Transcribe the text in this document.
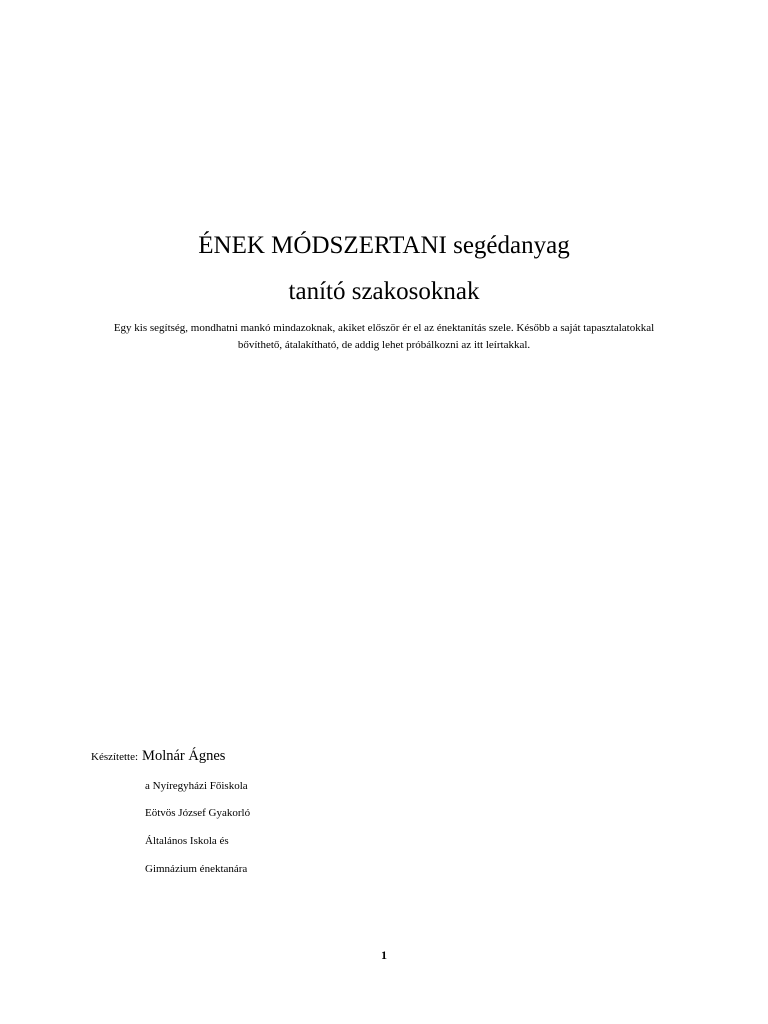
ÉNEK MÓDSZERTANI segédanyag
tanító szakosoknak
Egy kis segítség, mondhatni mankó mindazoknak, akiket először ér el az énektanítás szele. Később a saját tapasztalatokkal
bővíthető, átalakítható, de addig lehet próbálkozni az itt leírtakkal.
Készítette: Molnár Ágnes
a Nyíregyházi Főiskola
Eötvös József Gyakorló
Általános Iskola és
Gimnázium énektanára
1
